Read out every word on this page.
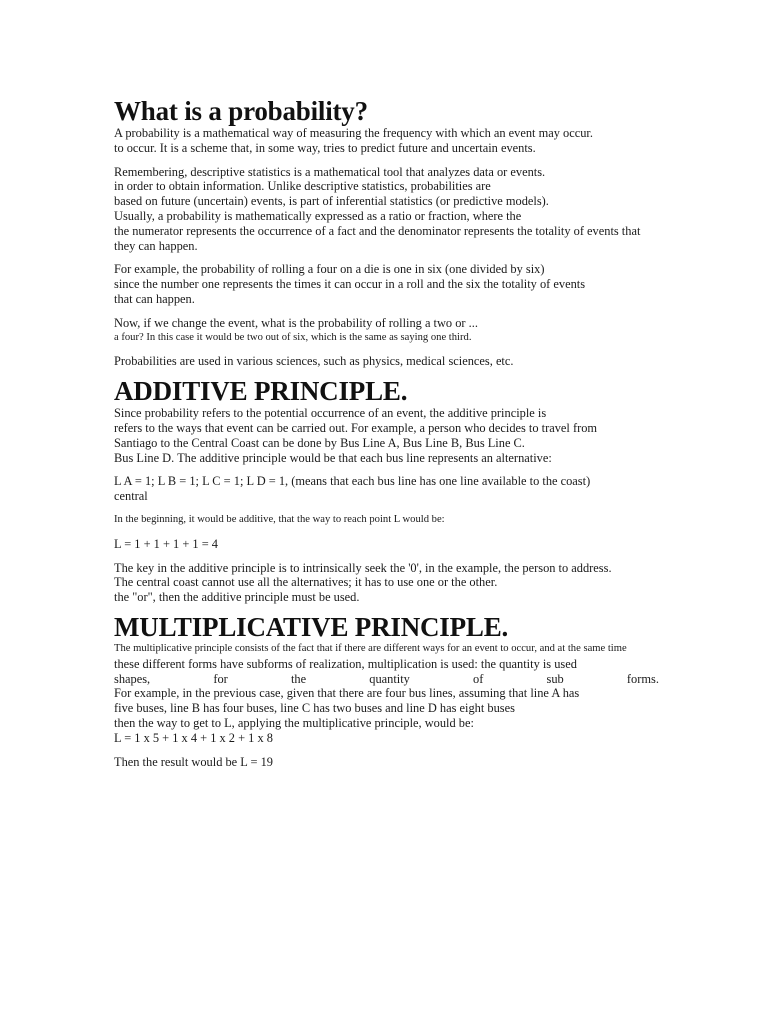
What is a probability?
A probability is a mathematical way of measuring the frequency with which an event may occur.
to occur. It is a scheme that, in some way, tries to predict future and uncertain events.
Remembering, descriptive statistics is a mathematical tool that analyzes data or events.
in order to obtain information. Unlike descriptive statistics, probabilities are
based on future (uncertain) events, is part of inferential statistics (or predictive models).
Usually, a probability is mathematically expressed as a ratio or fraction, where the
the numerator represents the occurrence of a fact and the denominator represents the totality of events that
they can happen.
For example, the probability of rolling a four on a die is one in six (one divided by six)
since the number one represents the times it can occur in a roll and the six the totality of events
that can happen.
Now, if we change the event, what is the probability of rolling a two or ...
a four? In this case it would be two out of six, which is the same as saying one third.
Probabilities are used in various sciences, such as physics, medical sciences, etc.
ADDITIVE PRINCIPLE.
Since probability refers to the potential occurrence of an event, the additive principle is
refers to the ways that event can be carried out. For example, a person who decides to travel from
Santiago to the Central Coast can be done by Bus Line A, Bus Line B, Bus Line C.
Bus Line D. The additive principle would be that each bus line represents an alternative:
L A = 1; L B = 1; L C = 1; L D = 1, (means that each bus line has one line available to the coast)
central
In the beginning, it would be additive, that the way to reach point L would be:
L = 1 + 1 + 1 + 1 = 4
The key in the additive principle is to intrinsically seek the '0', in the example, the person to address.
The central coast cannot use all the alternatives; it has to use one or the other.
the "or", then the additive principle must be used.
MULTIPLICATIVE PRINCIPLE.
The multiplicative principle consists of the fact that if there are different ways for an event to occur, and at the same time
these different forms have subforms of realization, multiplication is used: the quantity is used
shapes,	for	the	quantity	of	sub	forms.
For example, in the previous case, given that there are four bus lines, assuming that line A has
five buses, line B has four buses, line C has two buses and line D has eight buses
then the way to get to L, applying the multiplicative principle, would be:
L = 1 x 5 + 1 x 4 + 1 x 2 + 1 x 8
Then the result would be L = 19
